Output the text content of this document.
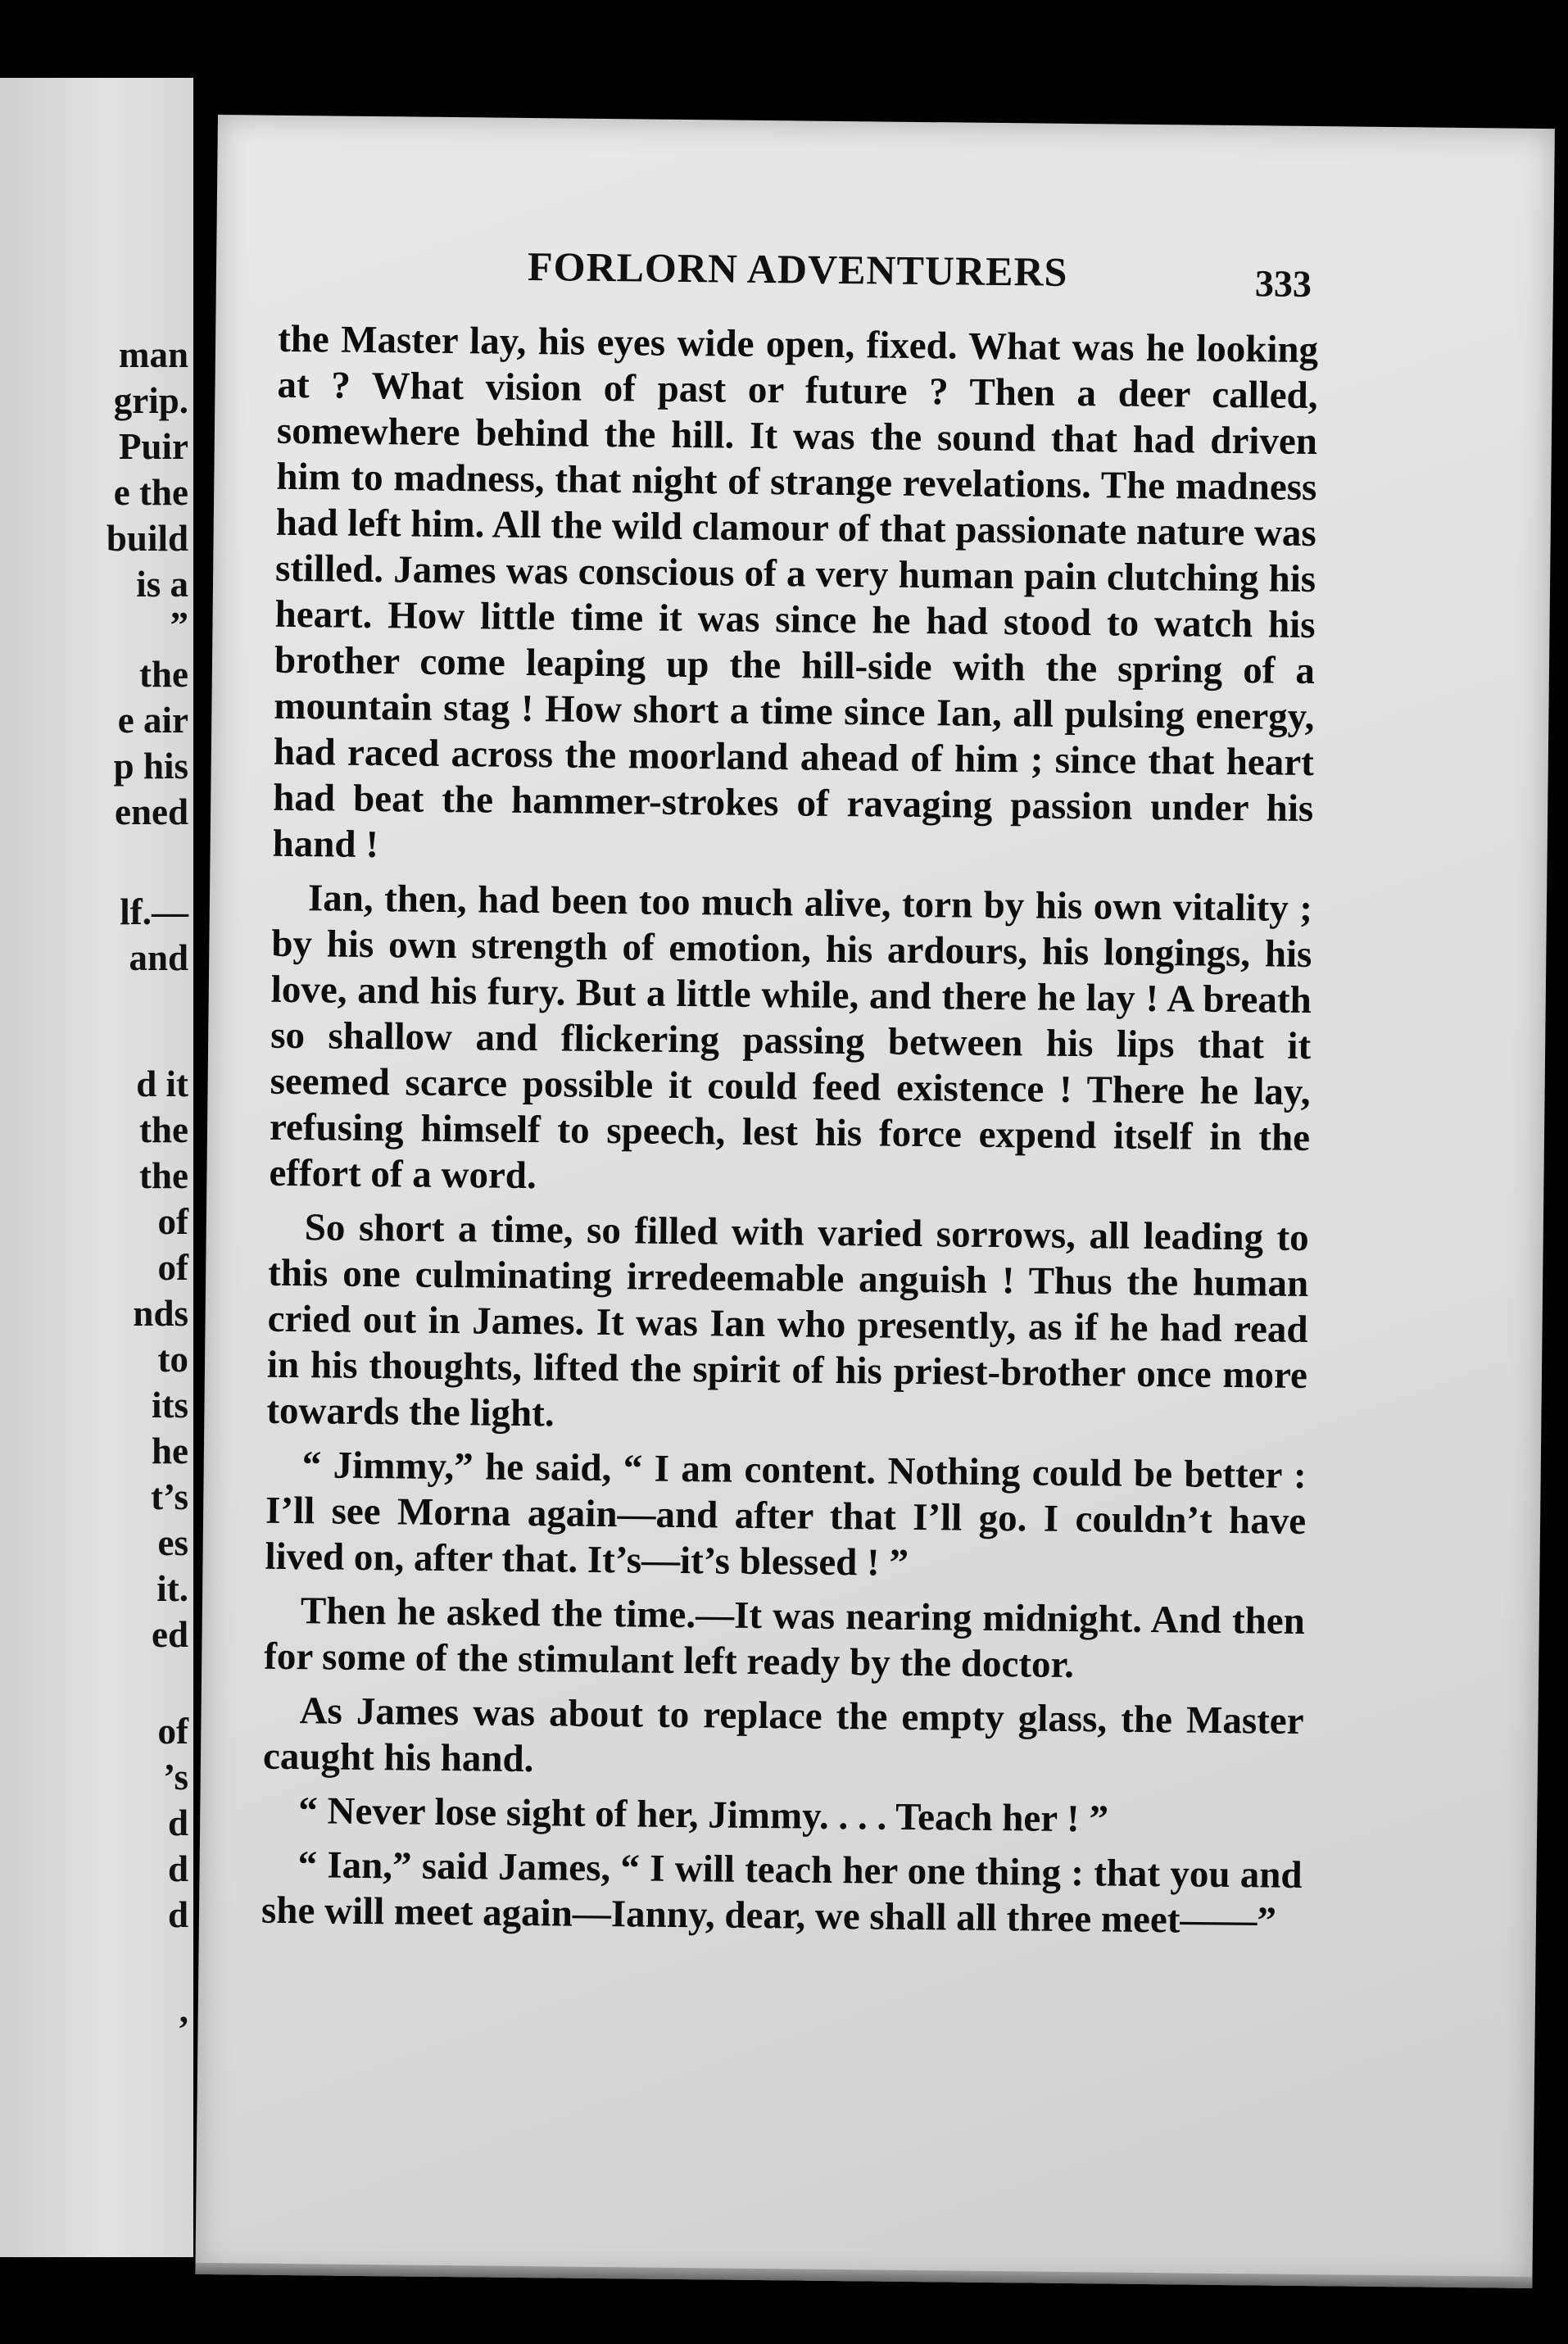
man
grip.
Puir
e the
build
is a
”
the
e air
p his
ened
lf.—
and
d it
the
the
of
of
nds
to
its
he
t’s
es
it.
ed
of
’s
d
d
d
,
FORLORN ADVENTURERS	333

the Master lay, his eyes wide open, fixed. What was he looking at ? What vision of past or future ? Then a deer called, somewhere behind the hill. It was the sound that had driven him to madness, that night of strange revelations. The madness had left him. All the wild clamour of that passionate nature was stilled. James was conscious of a very human pain clutching his heart. How little time it was since he had stood to watch his brother come leaping up the hill-side with the spring of a mountain stag ! How short a time since Ian, all pulsing energy, had raced across the moorland ahead of him ; since that heart had beat the hammer-strokes of ravaging passion under his hand !

Ian, then, had been too much alive, torn by his own vitality ; by his own strength of emotion, his ardours, his longings, his love, and his fury. But a little while, and there he lay ! A breath so shallow and flickering passing between his lips that it seemed scarce possible it could feed existence ! There he lay, refusing himself to speech, lest his force expend itself in the effort of a word.

So short a time, so filled with varied sorrows, all leading to this one culminating irredeemable anguish ! Thus the human cried out in James. It was Ian who presently, as if he had read in his thoughts, lifted the spirit of his priest-brother once more towards the light.

“ Jimmy,” he said, “ I am content. Nothing could be better : I’ll see Morna again—and after that I’ll go. I couldn’t have lived on, after that. It’s—it’s blessed ! ”

Then he asked the time.—It was nearing midnight. And then for some of the stimulant left ready by the doctor.

As James was about to replace the empty glass, the Master caught his hand.

“ Never lose sight of her, Jimmy. . . . Teach her ! ”

“ Ian,” said James, “ I will teach her one thing : that you and she will meet again—Ianny, dear, we shall all three meet——”
